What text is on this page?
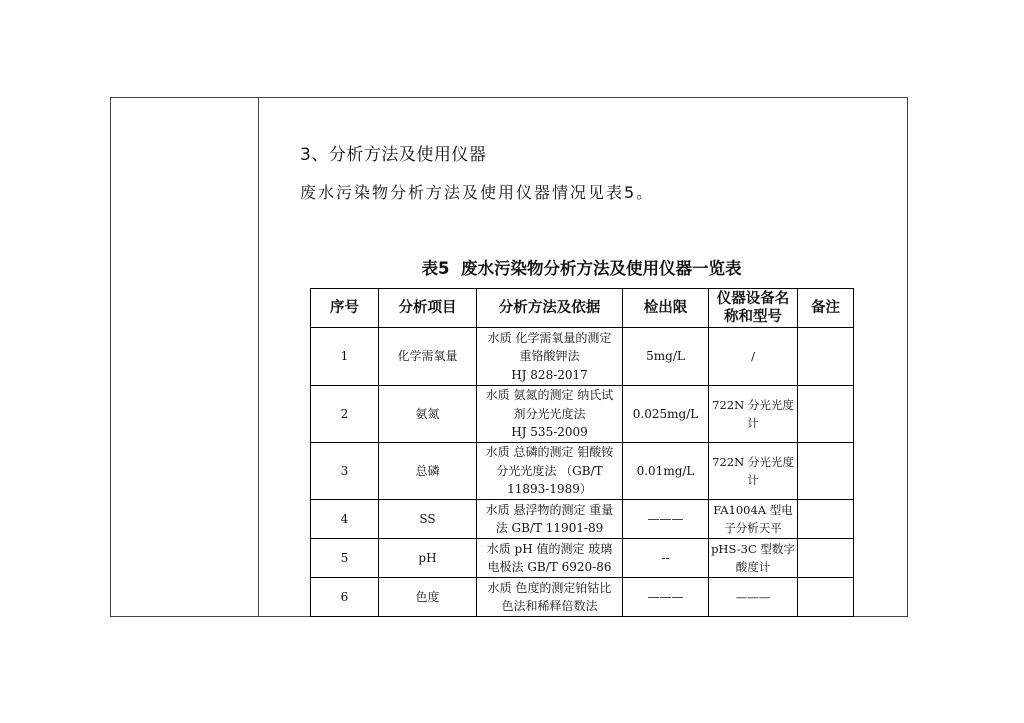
3、分析方法及使用仪器
废水污染物分析方法及使用仪器情况见表5。
表5  废水污染物分析方法及使用仪器一览表
序号	分析项目	分析方法及依据	检出限	仪器设备名称和型号	备注
1	化学需氧量	水质 化学需氧量的测定
重铬酸钾法
HJ 828-2017	5mg/L	/	

2	氨氮	水质 氨氮的测定 纳氏试
剂分光光度法
HJ 535-2009	0.025mg/L	722N 分光光度
计	

3	总磷	水质 总磷的测定 钼酸铵
分光光度法 （GB/T
11893-1989）	0.01mg/L	722N 分光光度
计	

4	SS	水质 悬浮物的测定 重量
法 GB/T 11901-89	———	FA1004A 型电
子分析天平	

5	pH	水质 pH 值的测定 玻璃
电极法 GB/T 6920-86	--	pHS-3C 型数字
酸度计	

6	色度	水质 色度的测定铂钴比
色法和稀释倍数法	———	———	
